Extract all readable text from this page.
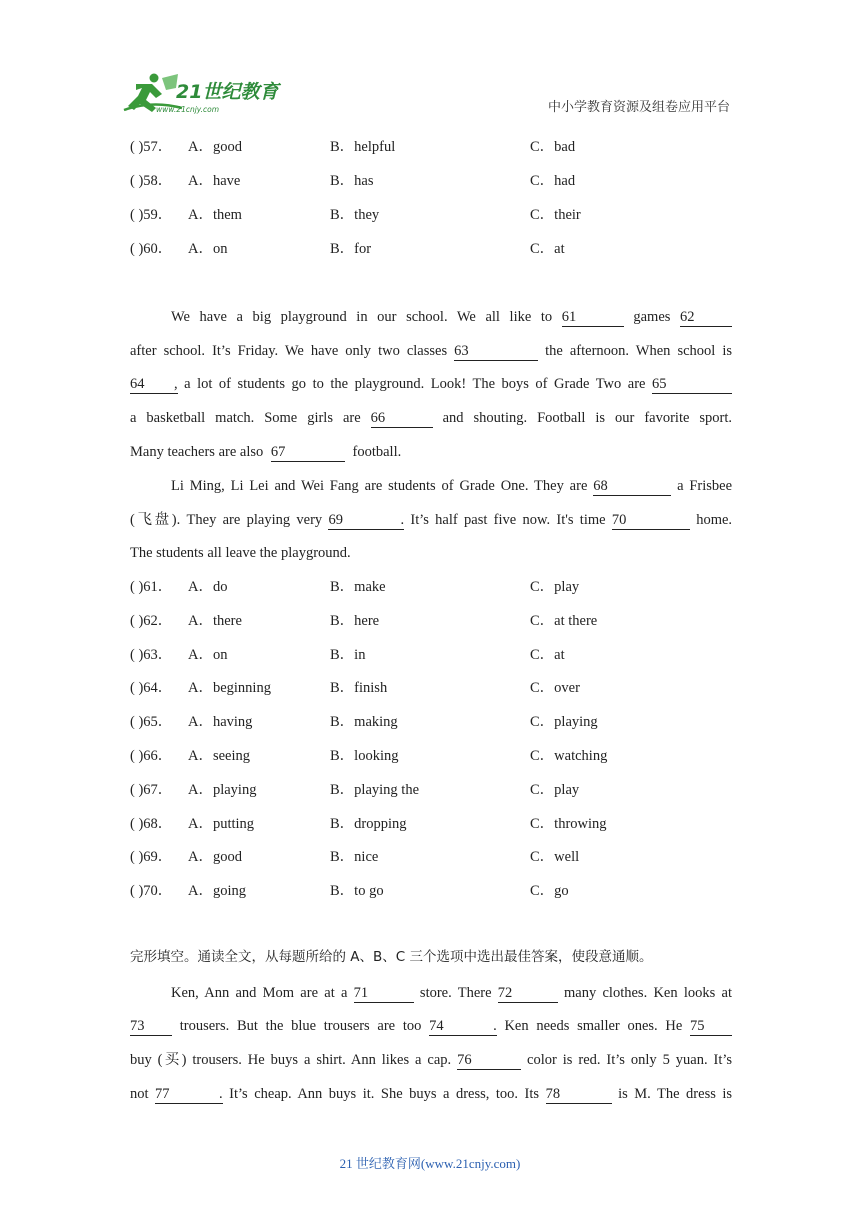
21世纪教育
www.21cnjy.com	中小学教育资源及组卷应用平台
( )57． A．good	B．helpful	C．bad
( )58． A．have	B．has	C．had
( )59． A．them	B．they	C．their
( )60． A．on	B．for	C．at
We have a big playground in our school. We all like to 61	games 62
after school. It’s Friday. We have only two classes 63	the afternoon. When school is
64 , a lot of students go to the playground. Look! The boys of Grade Two are 65
a basketball match. Some girls are 66	and shouting. Football is our favorite sport.
Many teachers are also 67	football.
Li Ming, Li Lei and Wei Fang are students of Grade One. They are 68	a Frisbee
(飞盘). They are playing very 69	. It’s half past five now. It's time 70	home.
The students all leave the playground.
( )61． A．do	B．make	C．play
( )62． A．there	B．here	C．at there
( )63． A．on	B．in	C．at
( )64． A．beginning	B．finish	C．over
( )65． A．having	B．making	C．playing
( )66． A．seeing	B．looking	C．watching
( )67． A．playing	B．playing the	C．play
( )68． A．putting	B．dropping	C．throwing
( )69． A．good	B．nice	C．well
( )70． A．going	B．to go	C．go
完形填空。通读全文，从每题所给的 A、B、C 三个选项中选出最佳答案，使段意通顺。
Ken, Ann and Mom are at a 71	store. There 72	many clothes. Ken looks at
73 trousers. But the blue trousers are too 74	. Ken needs smaller ones. He 75
buy (买) trousers. He buys a shirt. Ann likes a cap. 76	color is red. It’s only 5 yuan. It’s
not 77	. It’s cheap. Ann buys it. She buys a dress, too. Its 78	is M. The dress is
21 世纪教育网(www.21cnjy.com)
